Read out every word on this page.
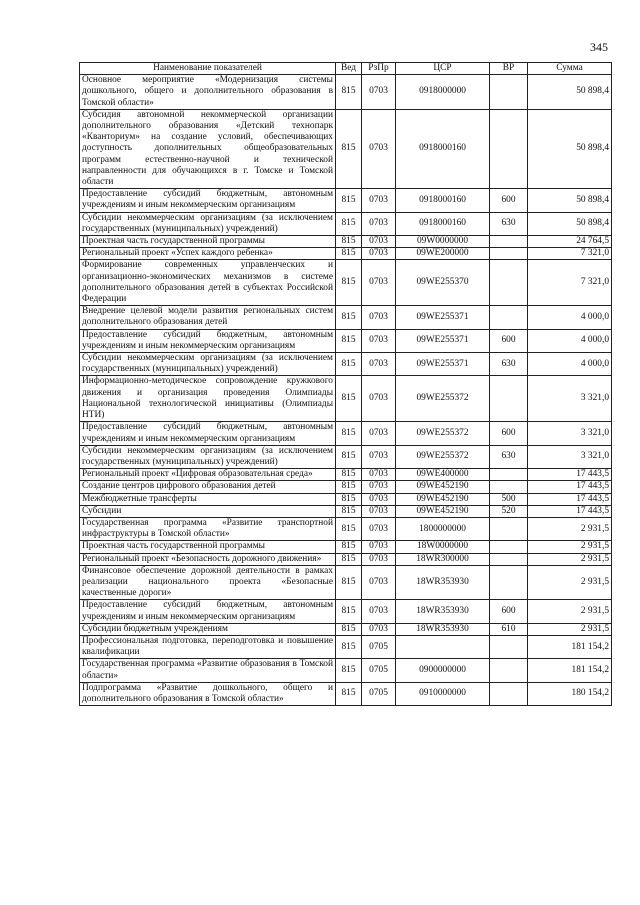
345
Наименование показателей	Вед	РзПр	ЦСР	ВР	Сумма
Основное мероприятие «Модернизация системы дошкольного, общего и дополнительного образования в Томской области»	815	0703	0918000000		50 898,4
Субсидия автономной некоммерческой организации дополнительного образования «Детский технопарк «Кванториум» на создание условий, обеспечивающих доступность дополнительных общеобразовательных программ естественно-научной и технической направленности для обучающихся в г. Томске и Томской области	815	0703	0918000160		50 898,4
Предоставление субсидий бюджетным, автономным учреждениям и иным некоммерческим организациям	815	0703	0918000160	600	50 898,4
Субсидии некоммерческим организациям (за исключением государственных (муниципальных) учреждений)	815	0703	0918000160	630	50 898,4
Проектная часть государственной программы	815	0703	09W0000000		24 764,5
Региональный проект «Успех каждого ребенка»	815	0703	09WE200000		7 321,0
Формирование современных управленческих и организационно-экономических механизмов в системе дополнительного образования детей в субъектах Российской Федерации	815	0703	09WE255370		7 321,0
Внедрение целевой модели развития региональных систем дополнительного образования детей	815	0703	09WE255371		4 000,0
Предоставление субсидий бюджетным, автономным учреждениям и иным некоммерческим организациям	815	0703	09WE255371	600	4 000,0
Субсидии некоммерческим организациям (за исключением государственных (муниципальных) учреждений)	815	0703	09WE255371	630	4 000,0
Информационно-методическое сопровождение кружкового движения и организация проведения Олимпиады Национальной технологической инициативы (Олимпиады НТИ)	815	0703	09WE255372		3 321,0
Предоставление субсидий бюджетным, автономным учреждениям и иным некоммерческим организациям	815	0703	09WE255372	600	3 321,0
Субсидии некоммерческим организациям (за исключением государственных (муниципальных) учреждений)	815	0703	09WE255372	630	3 321,0
Региональный проект «Цифровая образовательная среда»	815	0703	09WE400000		17 443,5
Создание центров цифрового образования детей	815	0703	09WE452190		17 443,5
Межбюджетные трансферты	815	0703	09WE452190	500	17 443,5
Субсидии	815	0703	09WE452190	520	17 443,5
Государственная программа «Развитие транспортной инфраструктуры в Томской области»	815	0703	1800000000		2 931,5
Проектная часть государственной программы	815	0703	18W0000000		2 931,5
Региональный проект «Безопасность дорожного движения»	815	0703	18WR300000		2 931,5
Финансовое обеспечение дорожной деятельности в рамках реализации национального проекта «Безопасные качественные дороги»	815	0703	18WR353930		2 931,5
Предоставление субсидий бюджетным, автономным учреждениям и иным некоммерческим организациям	815	0703	18WR353930	600	2 931,5
Субсидии бюджетным учреждениям	815	0703	18WR353930	610	2 931,5
Профессиональная подготовка, переподготовка и повышение квалификации	815	0705			181 154,2
Государственная программа «Развитие образования в Томской области»	815	0705	0900000000		181 154,2
Подпрограмма «Развитие дошкольного, общего и дополнительного образования в Томской области»	815	0705	0910000000		180 154,2
